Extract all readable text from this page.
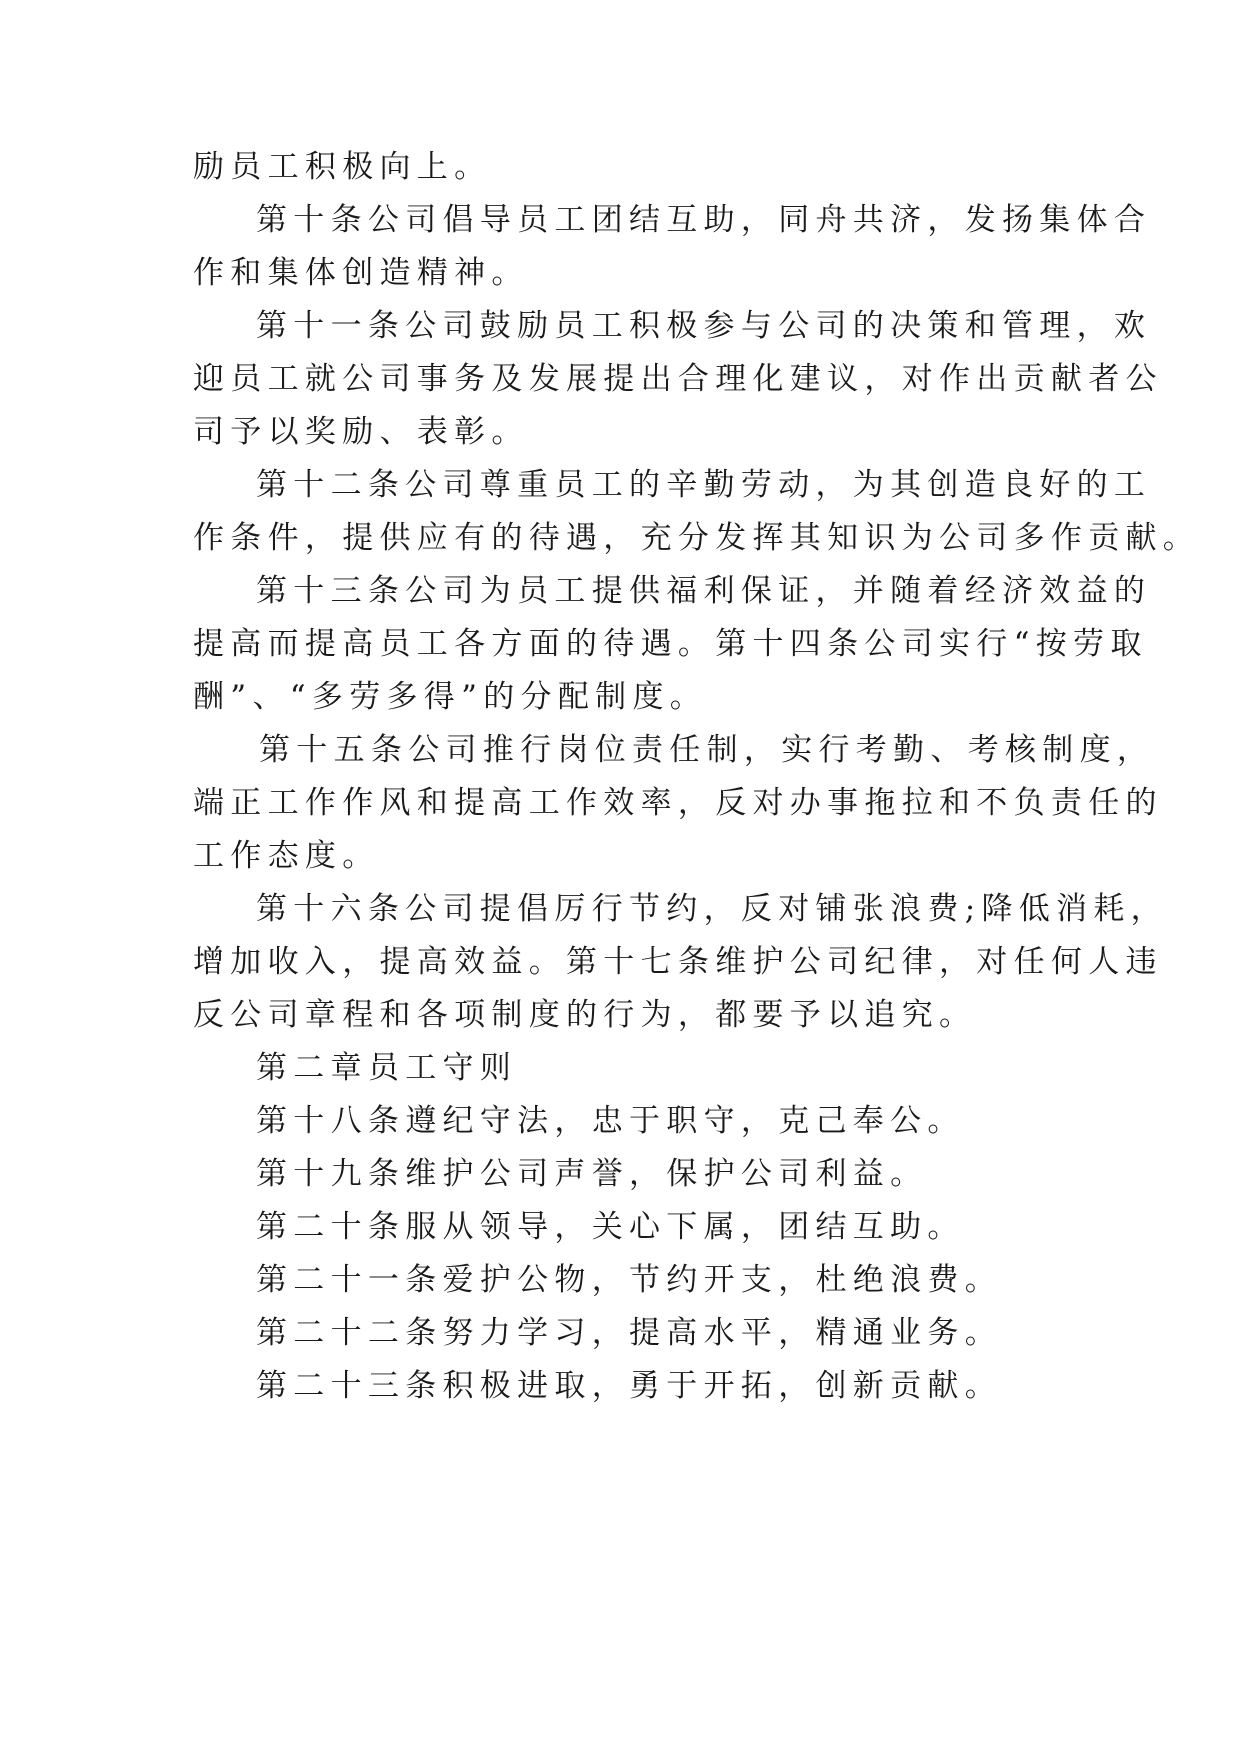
励员工积极向上。
第十条公司倡导员工团结互助，同舟共济，发扬集体合
作和集体创造精神。
第十一条公司鼓励员工积极参与公司的决策和管理，欢
迎员工就公司事务及发展提出合理化建议，对作出贡献者公
司予以奖励、表彰。
第十二条公司尊重员工的辛勤劳动，为其创造良好的工
作条件，提供应有的待遇，充分发挥其知识为公司多作贡献。
第十三条公司为员工提供福利保证，并随着经济效益的
提高而提高员工各方面的待遇。第十四条公司实行“按劳取
酬”、“多劳多得”的分配制度。
第十五条公司推行岗位责任制，实行考勤、考核制度，
端正工作作风和提高工作效率，反对办事拖拉和不负责任的
工作态度。
第十六条公司提倡厉行节约，反对铺张浪费;降低消耗，
增加收入，提高效益。第十七条维护公司纪律，对任何人违
反公司章程和各项制度的行为，都要予以追究。
第二章员工守则
第十八条遵纪守法，忠于职守，克己奉公。
第十九条维护公司声誉，保护公司利益。
第二十条服从领导，关心下属，团结互助。
第二十一条爱护公物，节约开支，杜绝浪费。
第二十二条努力学习，提高水平，精通业务。
第二十三条积极进取，勇于开拓，创新贡献。
